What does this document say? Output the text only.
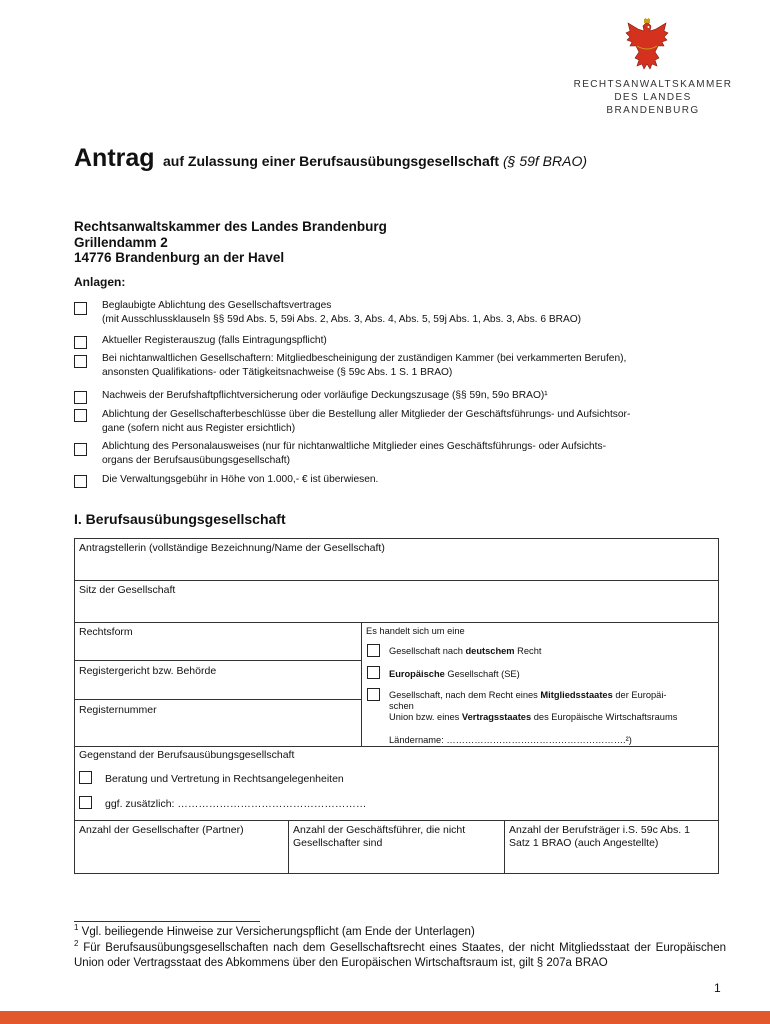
RECHTSANWALTSKAMMER
DES LANDES BRANDENBURG
Antrag auf Zulassung einer Berufsausübungsgesellschaft (§ 59f BRAO)
Rechtsanwaltskammer des Landes Brandenburg
Grillendamm 2
14776 Brandenburg an der Havel
Anlagen:
Beglaubigte Ablichtung des Gesellschaftsvertrages
(mit Ausschlussklauseln §§ 59d Abs. 5, 59i Abs. 2, Abs. 3, Abs. 4, Abs. 5, 59j Abs. 1, Abs. 3, Abs. 6 BRAO)
Aktueller Registerauszug (falls Eintragungspflicht)
Bei nichtanwaltlichen Gesellschaftern: Mitgliedbescheinigung der zuständigen Kammer (bei verkammerten Berufen),
ansonsten Qualifikations- oder Tätigkeitsnachweise (§ 59c Abs. 1 S. 1 BRAO)
Nachweis der Berufshaftpflichtversicherung oder vorläufige Deckungszusage (§§ 59n, 59o BRAO)¹
Ablichtung der Gesellschafterbeschlüsse über die Bestellung aller Mitglieder der Geschäftsführungs- und Aufsichtsor-
gane (sofern nicht aus Register ersichtlich)
Ablichtung des Personalausweises (nur für nichtanwaltliche Mitglieder eines Geschäftsführungs- oder Aufsichts-
organs der Berufsausübungsgesellschaft)
Die Verwaltungsgebühr in Höhe von 1.000,- € ist überwiesen.
I. Berufsausübungsgesellschaft
Antragstellerin (vollständige Bezeichnung/Name der Gesellschaft)
Sitz der Gesellschaft
Rechtsform
Registergericht bzw. Behörde
Registernummer
Es handelt sich um eine
Gesellschaft nach deutschem Recht
Europäische Gesellschaft (SE)
Gesellschaft, nach dem Recht eines Mitgliedsstaates der Europäi-
schen
Union bzw. eines Vertragsstaates des Europäische Wirtschaftsraums
Ländername: ………………………………………………….²)
Gegenstand der Berufsausübungsgesellschaft
Beratung und Vertretung in Rechtsangelegenheiten
ggf. zusätzlich: ………………………………………………
Anzahl der Gesellschafter (Partner)	Anzahl der Geschäftsführer, die nicht
Gesellschafter sind
Anzahl der Berufsträger i.S. 59c Abs. 1
Satz 1 BRAO (auch Angestellte)
$^1$ Vgl. beiliegende Hinweise zur Versicherungspflicht (am Ende der Unterlagen)
$^2$ Für Berufsausübungsgesellschaften nach dem Gesellschaftsrecht eines Staates, der nicht Mitgliedsstaat der Europäischen Union oder Vertragsstaat des Abkommens über den Europäischen Wirtschaftsraum ist, gilt § 207a BRAO
1
